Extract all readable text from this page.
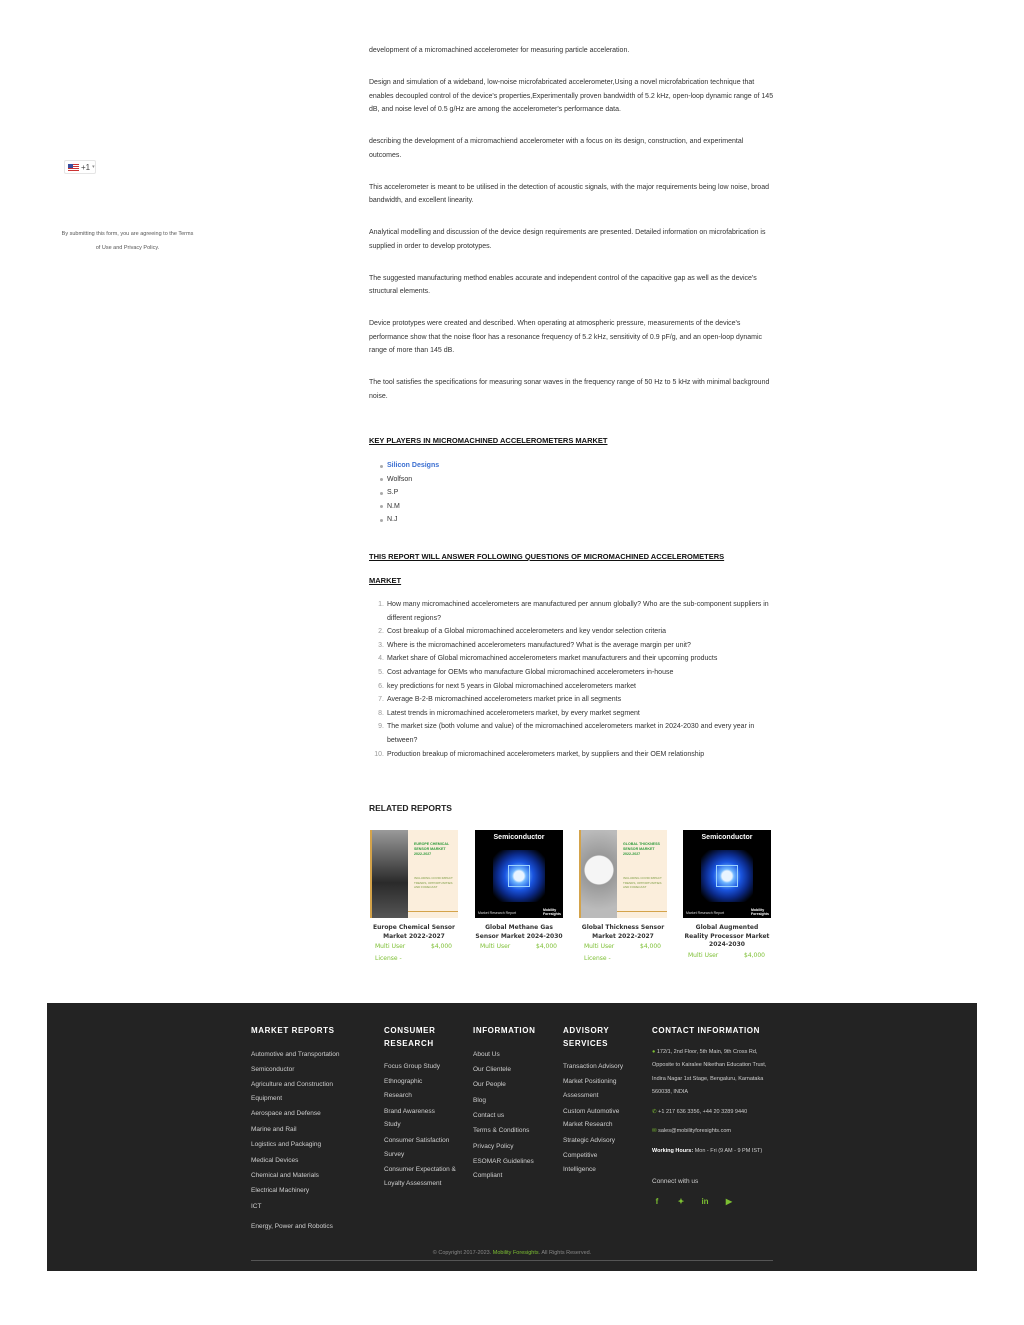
+1 ▾
By submitting this form, you are agreeing to the Terms of Use and Privacy Policy.

development of a micromachined accelerometer for measuring particle acceleration.

Design and simulation of a wideband, low-noise microfabricated accelerometer,Using a novel microfabrication technique that enables decoupled control of the device's properties,Experimentally proven bandwidth of 5.2 kHz, open-loop dynamic range of 145 dB, and noise level of 0.5 g/Hz are among the accelerometer's performance data.

describing the development of a micromachiend accelerometer with a focus on its design, construction, and experimental outcomes.

This accelerometer is meant to be utilised in the detection of acoustic signals, with the major requirements being low noise, broad bandwidth, and excellent linearity.

Analytical modelling and discussion of the device design requirements are presented. Detailed information on microfabrication is supplied in order to develop prototypes.

The suggested manufacturing method enables accurate and independent control of the capacitive gap as well as the device's structural elements.

Device prototypes were created and described. When operating at atmospheric pressure, measurements of the device's performance show that the noise floor has a resonance frequency of 5.2 kHz, sensitivity of 0.9 pF/g, and an open-loop dynamic range of more than 145 dB.

The tool satisfies the specifications for measuring sonar waves in the frequency range of 50 Hz to 5 kHz with minimal background noise.

KEY PLAYERS IN MICROMACHINED ACCELEROMETERS MARKET
Silicon Designs
Wolfson
S.P
N.M
N.J
THIS REPORT WILL ANSWER FOLLOWING QUESTIONS OF MICROMACHINED ACCELEROMETERS
MARKET
How many micromachined accelerometers are manufactured per annum globally? Who are the sub-component suppliers in different regions?
Cost breakup of a Global micromachined accelerometers and key vendor selection criteria
Where is the micromachined accelerometers manufactured? What is the average margin per unit?
Market share of Global micromachined accelerometers market manufacturers and their upcoming products
Cost advantage for OEMs who manufacture Global micromachined accelerometers in-house
key predictions for next 5 years in Global micromachined accelerometers market
Average B-2-B micromachined accelerometers market price in all segments
Latest trends in micromachined accelerometers market, by every market segment
The market size (both volume and value) of the micromachined accelerometers market in 2024-2030 and every year in between?
Production breakup of micromachined accelerometers market, by suppliers and their OEM relationship
RELATED REPORTS
EUROPE CHEMICAL SENSOR MARKET 2022-2027
INCLUDING COVID IMPACT TRENDS, OPPORTUNITIES AND FORECAST
Europe Chemical Sensor Market 2022-2027
Multi User License -
$4,000
Semiconductor
Market Research Report
Mobility Foresights
Global Methane Gas Sensor Market 2024-2030
Multi User	$4,000
GLOBAL THICKNESS SENSOR MARKET 2022-2027
INCLUDING COVID IMPACT TRENDS, OPPORTUNITIES AND FORECAST
Global Thickness Sensor Market 2022-2027
Multi User License -
$4,000
Semiconductor
Market Research Report
Mobility Foresights
Global Augmented Reality Processor Market 2024-2030
Multi User	$4,000
MARKET REPORTS
Automotive and Transportation
Semiconductor
Agriculture and Construction Equipment
Aerospace and Defense
Marine and Rail
Logistics and Packaging
Medical Devices
Chemical and Materials
Electrical Machinery
ICT
Energy, Power and Robotics
CONSUMER RESEARCH
Focus Group Study
Ethnographic Research
Brand Awareness Study
Consumer Satisfaction Survey
Consumer Expectation & Loyalty Assessment
INFORMATION
About Us
Our Clientele
Our People
Blog
Contact us
Terms & Conditions
Privacy Policy
ESOMAR Guidelines Compliant
ADVISORY SERVICES
Transaction Advisory
Market Positioning Assessment
Custom Automotive Market Research
Strategic Advisory
Competitive Intelligence
CONTACT INFORMATION
● 172/1, 2nd Floor, 5th Main, 9th Cross Rd, Opposite to Kairalee Nikethan Education Trust, Indira Nagar 1st Stage, Bengaluru, Karnataka 560038, INDIA
✆ +1 217 636 3356, +44 20 3289 9440
✉ sales@mobilityforesights.com
Working Hours: Mon - Fri (9 AM - 9 PM IST)
Connect with us
f	✦ in ▶
© Copyright 2017-2023. Mobility Foresights. All Rights Reserved.
